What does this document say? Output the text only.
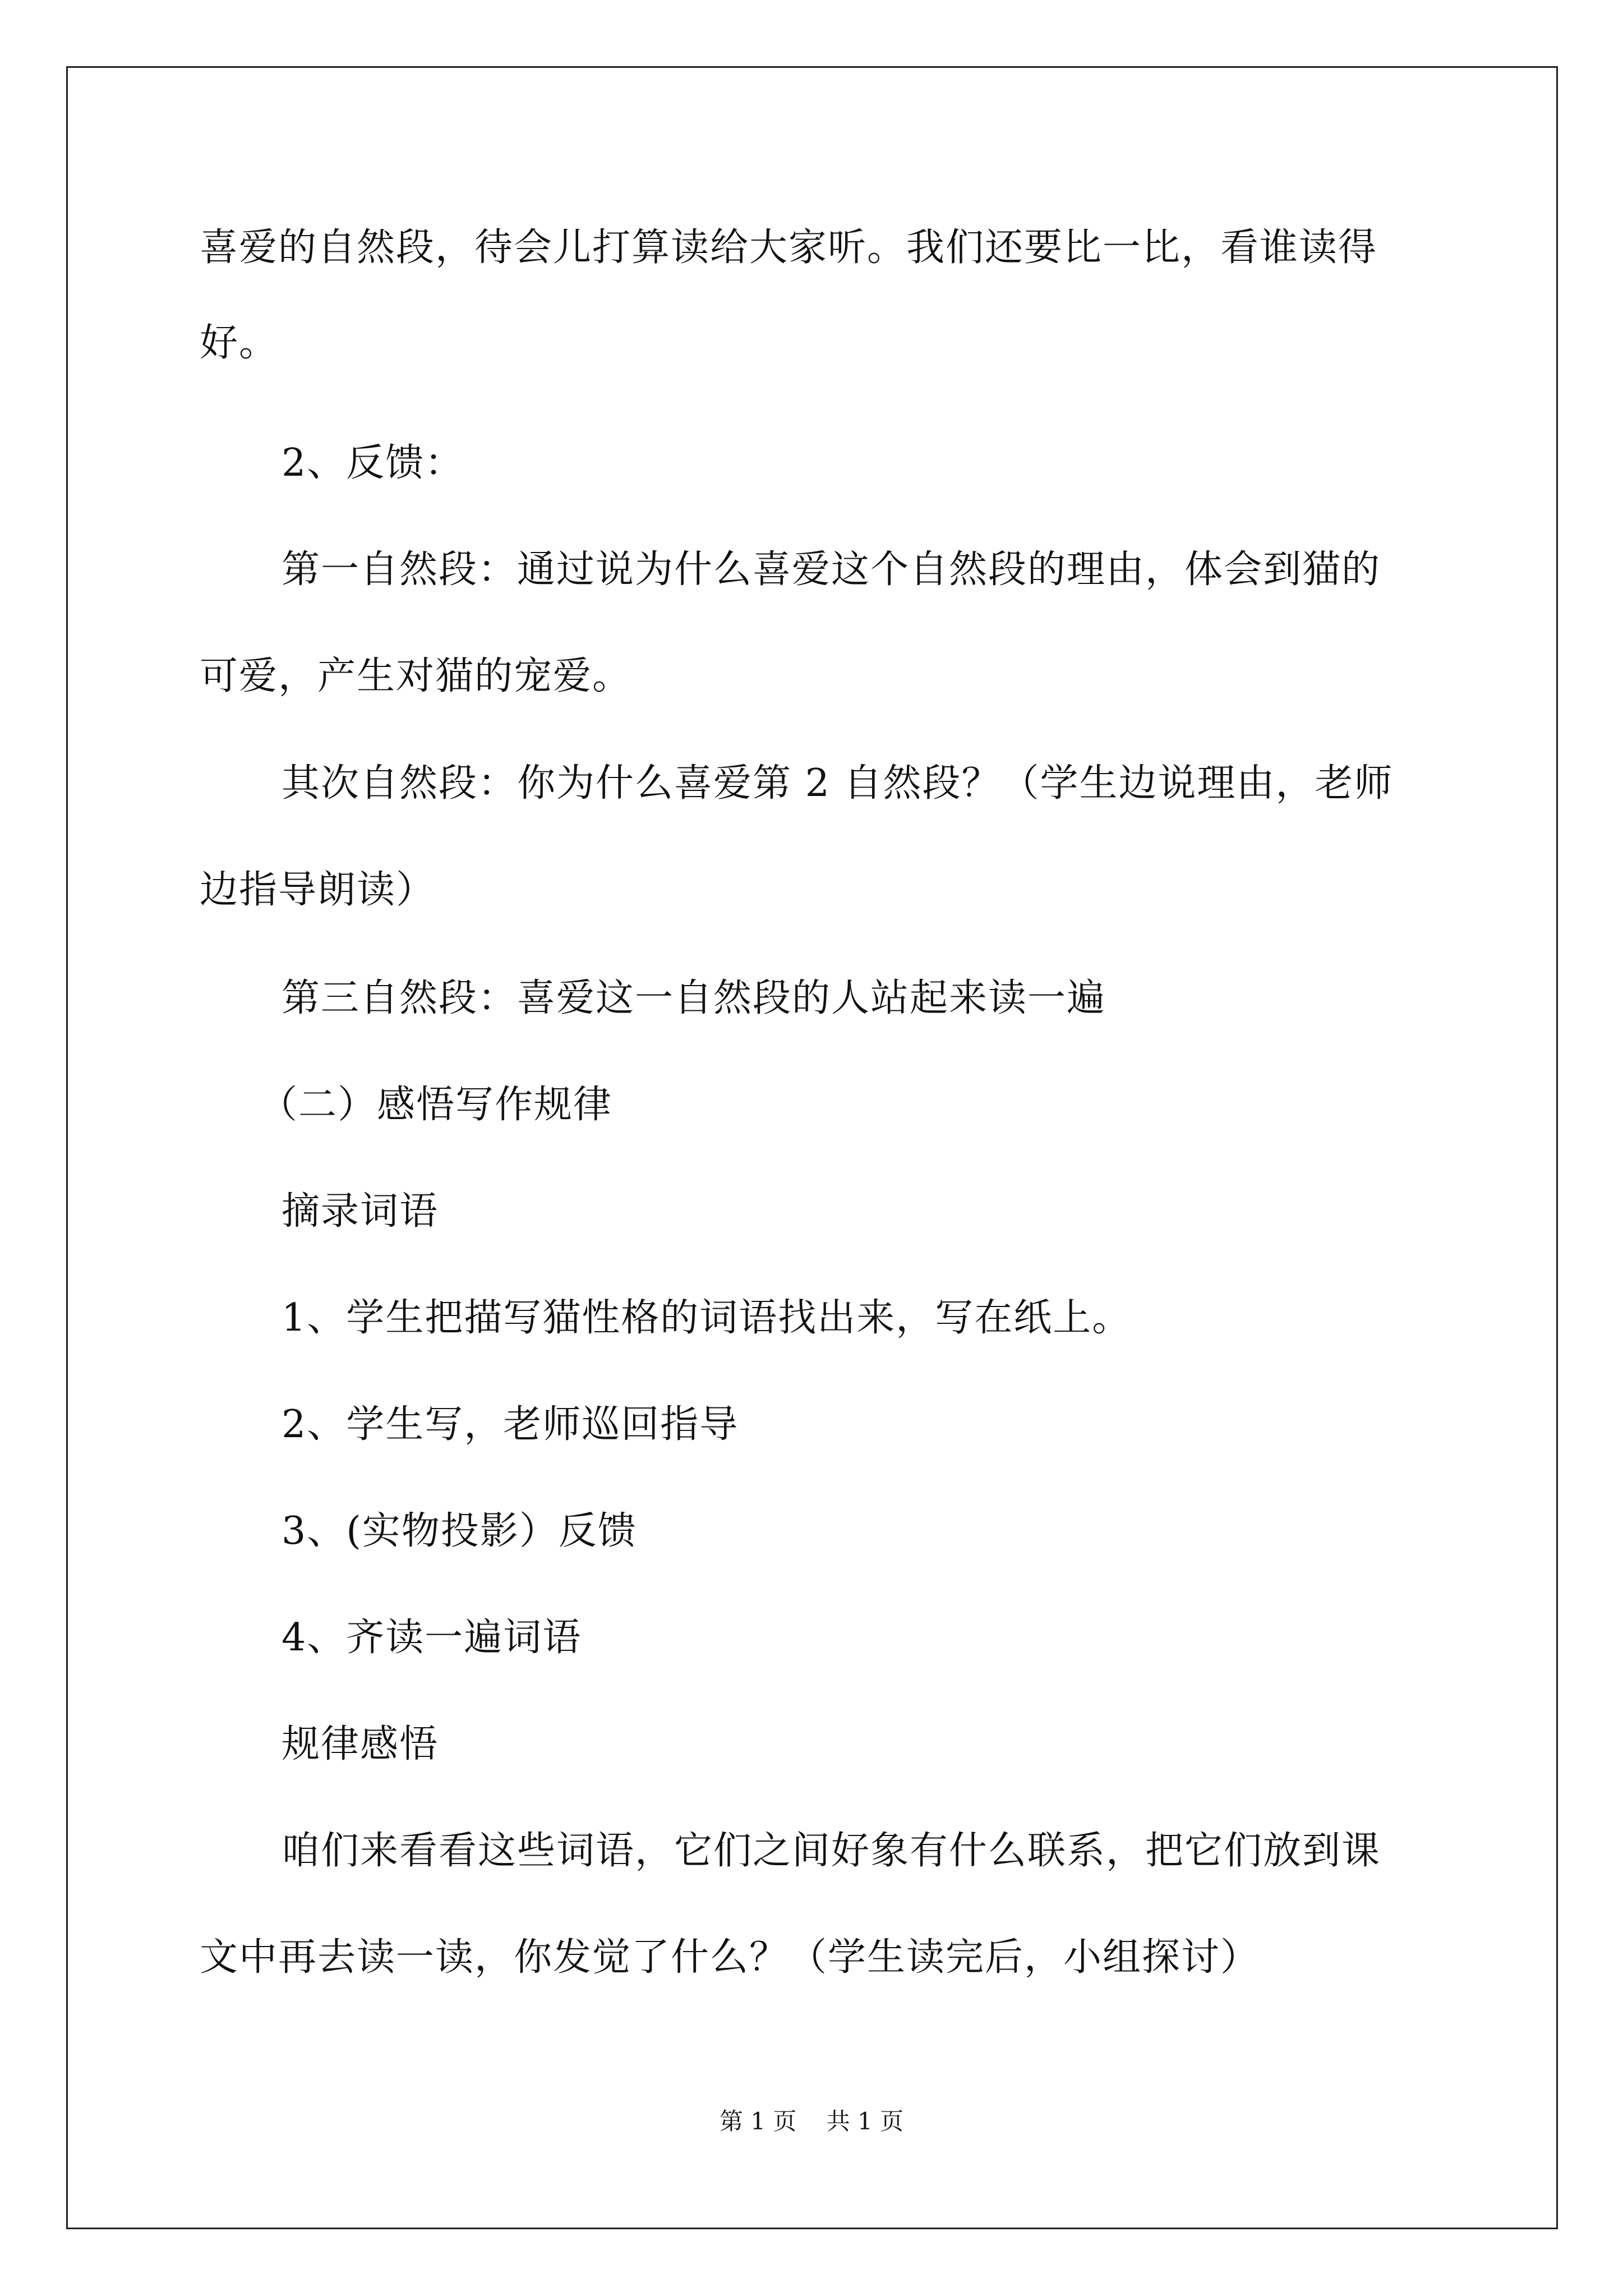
喜爱的自然段，待会儿打算读给大家听。我们还要比一比，看谁读得
好。
2、反馈：
第一自然段：通过说为什么喜爱这个自然段的理由，体会到猫的
可爱，产生对猫的宠爱。
其次自然段：你为什么喜爱第 2 自然段？（学生边说理由，老师
边指导朗读）
第三自然段：喜爱这一自然段的人站起来读一遍
（二）感悟写作规律
摘录词语
1、学生把描写猫性格的词语找出来，写在纸上。
2、学生写，老师巡回指导
3、(实物投影）反馈
4、齐读一遍词语
规律感悟
咱们来看看这些词语，它们之间好象有什么联系，把它们放到课
文中再去读一读，你发觉了什么？（学生读完后，小组探讨）
第 1 页    共 1 页
